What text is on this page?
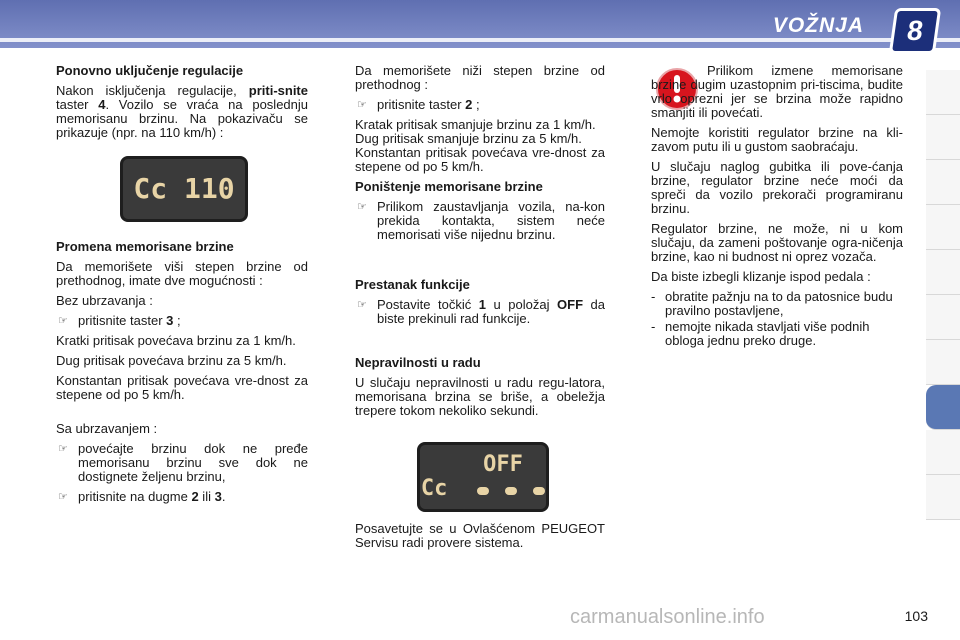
VOŽNJA	8
Ponovno uključenje regulacije

Nakon isključenja regulacije, priti-snite taster 4. Vozilo se vraća na poslednju memorisanu brzinu. Na pokazivaču se prikazuje (npr. na 110 km/h) :

Cc 110
Promena memorisane brzine

Da memorišete viši stepen brzine od prethodnog, imate dve mogućnosti :

Bez ubrzavanja :

☞ pritisnite taster 3 ;

Kratki pritisak povećava brzinu za 1 km/h.

Dug pritisak povećava brzinu za 5 km/h.

Konstantan pritisak povećava vre-dnost za stepene od po 5 km/h.

Sa ubrzavanjem :

☞ povećajte brzinu dok ne pređe memorisanu brzinu sve dok ne dostignete željenu brzinu,
☞ pritisnite na dugme 2 ili 3.

Da memorišete niži stepen brzine od prethodnog :

☞ pritisnite taster 2 ;

Kratak pritisak smanjuje brzinu za 1 km/h.

Dug pritisak smanjuje brzinu za 5 km/h.

Konstantan pritisak povećava vre-dnost za stepene od po 5 km/h.

Poništenje memorisane brzine
☞ Prilikom zaustavljanja vozila, na-kon prekida kontakta, sistem neće memorisati više nijednu brzinu.
Prestanak funkcije
☞ Postavite točkić 1 u položaj OFF da biste prekinuli rad funkcije.
Nepravilnosti u radu

U slučaju nepravilnosti u radu regu-latora, memorisana brzina se briše, a obeležja trepere tokom nekoliko sekundi.

OFF
Cc

Posavetujte se u Ovlašćenom PEUGEOT Servisu radi provere sistema.

Prilikom izmene memorisane brzine dugim uzastopnim pri-tiscima, budite vrlo oprezni jer se brzina može rapidno smanjiti ili povećati.

Nemojte koristiti regulator brzine na kli-zavom putu ili u gustom saobraćaju.

U slučaju naglog gubitka ili pove-ćanja brzine, regulator brzine neće moći da spreči da vozilo prekorači programiranu brzinu.

Regulator brzine, ne može, ni u kom slučaju, da zameni poštovanje ogra-ničenja brzine, kao ni budnost ni oprez vozača.

Da biste izbegli klizanje ispod pedala :

- obratite pažnju na to da patosnice budu pravilno postavljene,
- nemojte nikada stavljati više podnih obloga jednu preko druge.
carmanualsonline.info	103
